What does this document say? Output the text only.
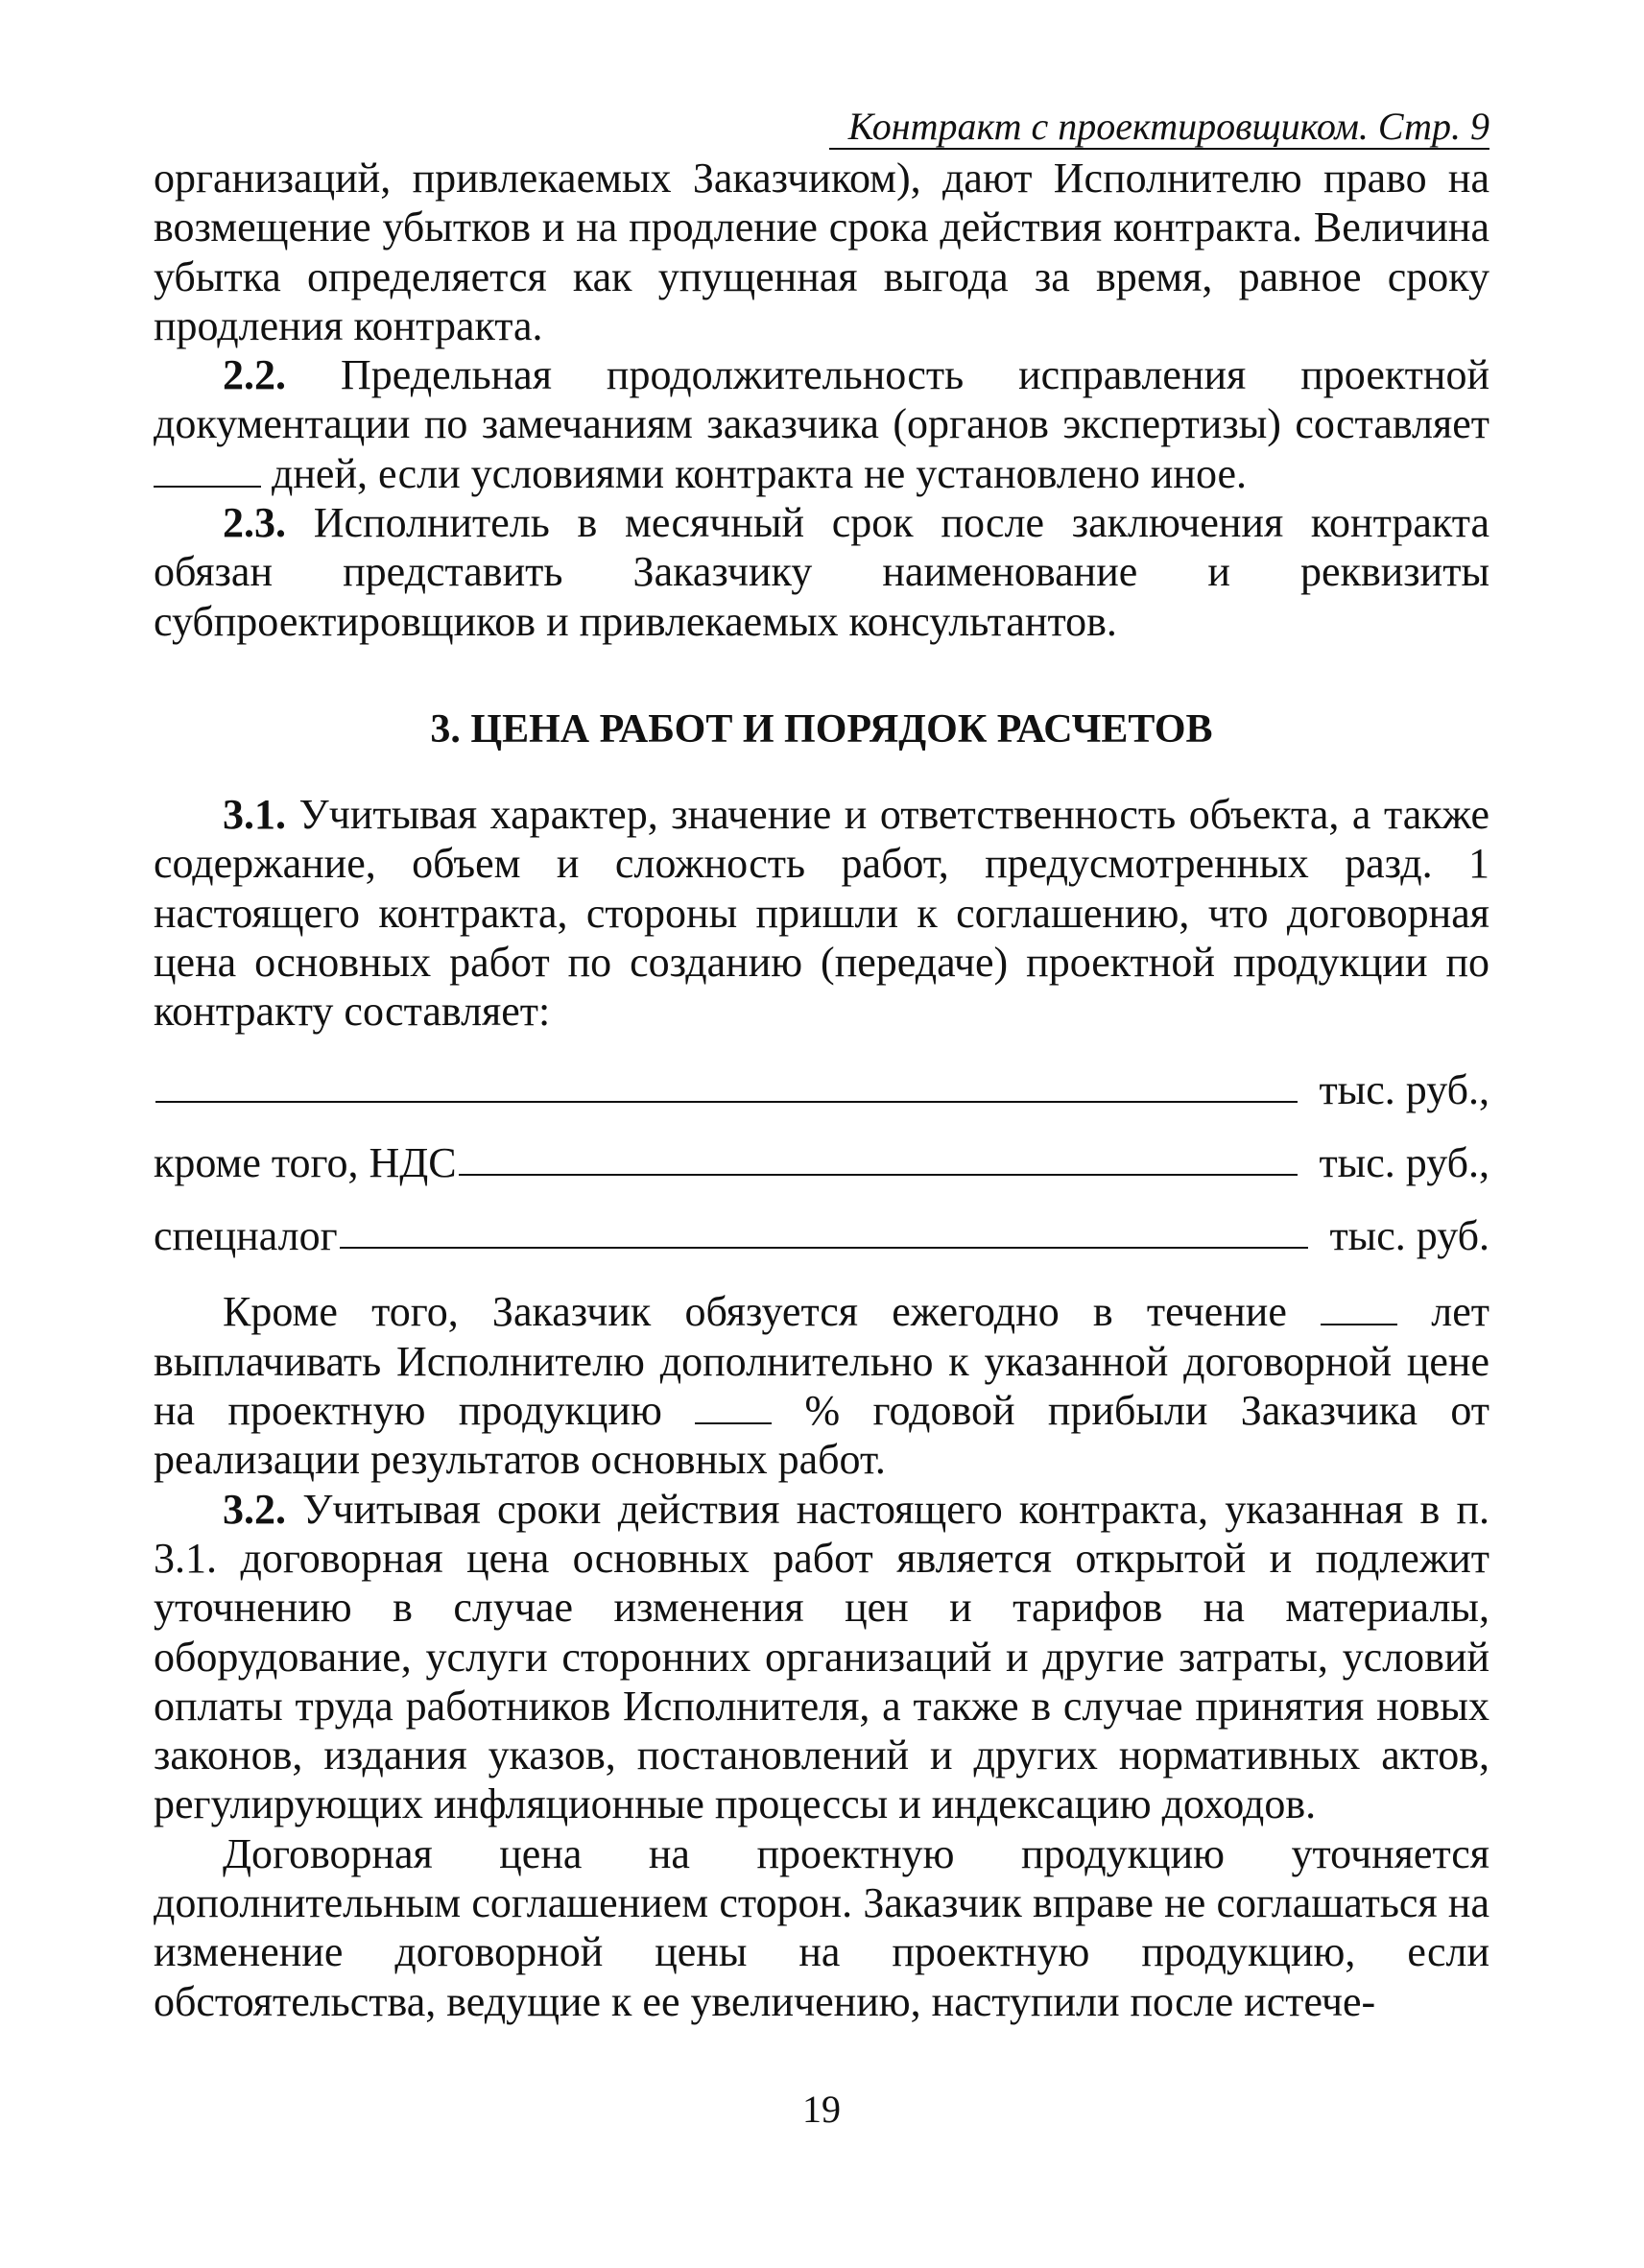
Контракт с проектировщиком. Стр. 9

организаций, привлекаемых Заказчиком), дают Исполнителю право на возмещение убытков и на продление срока действия контракта. Величина убытка определяется как упущенная выгода за время, равное сроку продления контракта.

2.2. Предельная продолжительность исправления проектной документации по замечаниям заказчика (органов экспертизы) составляет  дней, если условиями контракта не установлено иное.

2.3. Исполнитель в месячный срок после заключения контракта обязан представить Заказчику наименование и реквизиты субпроектировщиков и привлекаемых консультантов.

3. ЦЕНА РАБОТ И ПОРЯДОК РАСЧЕТОВ

3.1. Учитывая характер, значение и ответственность объекта, а также содержание, объем и сложность работ, предусмотренных разд. 1 настоящего контракта, стороны пришли к соглашению, что договорная цена основных работ по созданию (передаче) проектной продукции по контракту составляет:

тыс. руб.,
кроме того, НДС	тыс. руб.,
спецналог	тыс. руб.

Кроме того, Заказчик обязуется ежегодно в течение	лет выплачивать Исполнителю дополнительно к указанной договорной цене на проектную продукцию	% годовой прибыли Заказчика от реализации результатов основных работ.

3.2. Учитывая сроки действия настоящего контракта, указанная в п. 3.1. договорная цена основных работ является открытой и подлежит уточнению в случае изменения цен и тарифов на материалы, оборудование, услуги сторонних организаций и другие затраты, условий оплаты труда работников Исполнителя, а также в случае принятия новых законов, издания указов, постановлений и других нормативных актов, регулирующих инфляционные процессы и индексацию доходов.

Договорная цена на проектную продукцию уточняется дополнительным соглашением сторон. Заказчик вправе не соглашаться на изменение договорной цены на проектную продукцию, если обстоятельства, ведущие к ее увеличению, наступили после истече-

19
